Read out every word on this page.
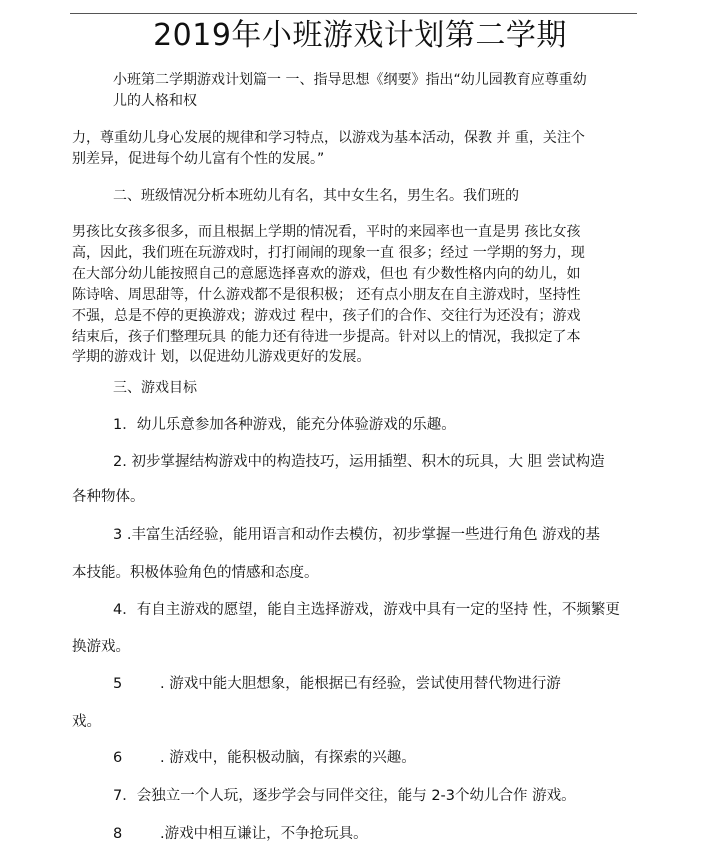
2019年小班游戏计划第二学期
小班第二学期游戏计划篇一 一、指导思想《纲要》指出“幼儿园教育应尊重幼
儿的人格和权
力，尊重幼儿身心发展的规律和学习特点，以游戏为基本活动，保教 并 重，关注个
别差异，促进每个幼儿富有个性的发展。”
二、班级情况分析本班幼儿有名，其中女生名，男生名。我们班的
男孩比女孩多很多，而且根据上学期的情况看，平时的来园率也一直是男 孩比女孩
高，因此，我们班在玩游戏时，打打闹闹的现象一直 很多；经过 一学期的努力，现
在大部分幼儿能按照自己的意愿选择喜欢的游戏，但也 有少数性格内向的幼儿，如
陈诗啥、周思甜等，什么游戏都不是很积极； 还有点小朋友在自主游戏时，坚持性
不强，总是不停的更换游戏；游戏过 程中，孩子们的合作、交往行为还没有；游戏
结束后，孩子们整理玩具 的能力还有待进一步提高。针对以上的情况，我拟定了本
学期的游戏计 划，以促进幼儿游戏更好的发展。
三、游戏目标
1．幼儿乐意参加各种游戏，能充分体验游戏的乐趣。
2. 初步掌握结构游戏中的构造技巧，运用插塑、积木的玩具，大 胆 尝试构造
各种物体。
3 .丰富生活经验，能用语言和动作去模仿，初步掌握一些进行角色 游戏的基
本技能。积极体验角色的情感和态度。
4．有自主游戏的愿望，能自主选择游戏，游戏中具有一定的坚持 性，不频繁更
换游戏。
5	. 游戏中能大胆想象，能根据已有经验，尝试使用替代物进行游
戏。
6	. 游戏中，能积极动脑，有探索的兴趣。
7．会独立一个人玩，逐步学会与同伴交往，能与 2-3个幼儿合作 游戏。
8	.游戏中相互谦让，不争抢玩具。
